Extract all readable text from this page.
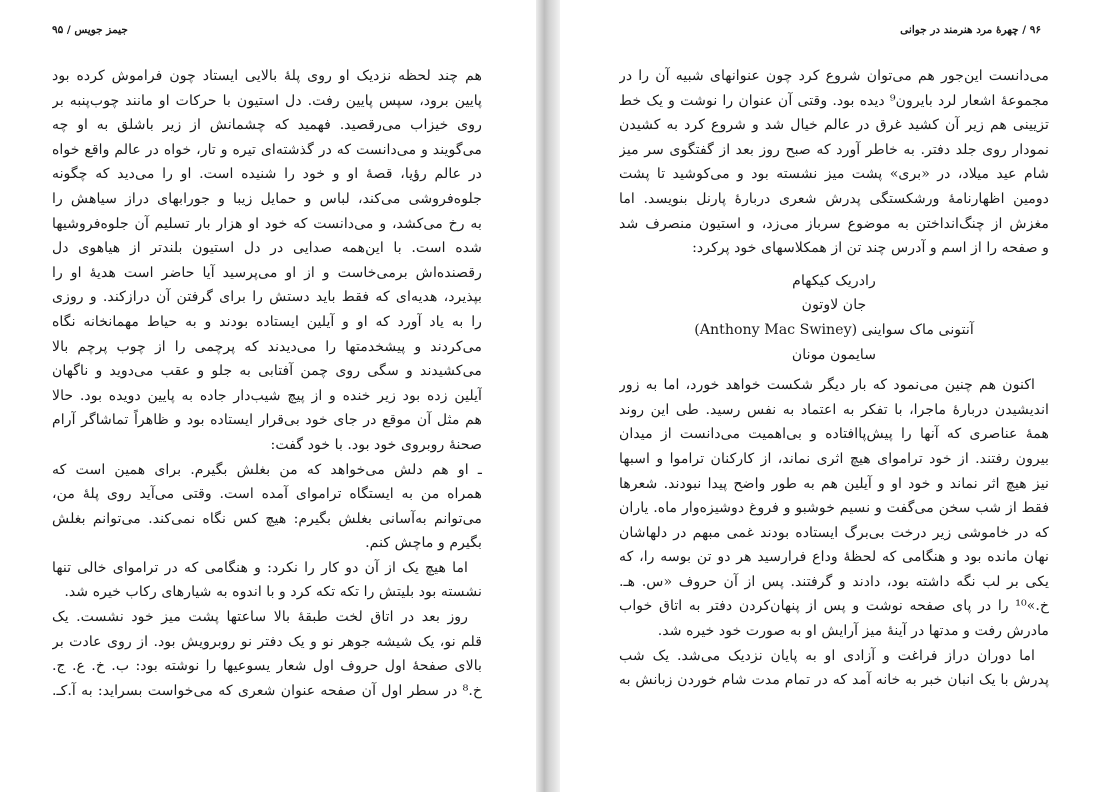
جیمز جویس / ۹۵
هم چند لحظه نزدیک او روی پلهٔ بالایی ایستاد چون فراموش کرده بود
پایین برود، سپس پایین رفت. دل استیون با حرکات او مانند چوب‌پنبه بر
روی خیزاب می‌رقصید. فهمید که چشمانش از زیر باشلق به او چه
می‌گویند و می‌دانست که در گذشته‌ای تیره و تار، خواه در عالم واقع خواه
در عالم رؤیا، قصهٔ او و خود را شنیده است. او را می‌دید که چگونه
جلوه‌فروشی می‌کند، لباس و حمایل زیبا و جورابهای دراز سیاهش را
به رخ می‌کشد، و می‌دانست که خود او هزار بار تسلیم آن جلوه‌فروشیها
شده است. با این‌همه صدایی در دل استیون بلندتر از هیاهوی دل
رقصنده‌اش برمی‌خاست و از او می‌پرسید آیا حاضر است هدیهٔ او را
بپذیرد، هدیه‌ای که فقط باید دستش را برای گرفتن آن درازکند. و روزی
را به یاد آورد که او و آیلین ایستاده بودند و به حیاط مهمانخانه نگاه
می‌کردند و پیشخدمتها را می‌دیدند که پرچمی را از چوب پرچم بالا
می‌کشیدند و سگی روی چمن آفتابی به جلو و عقب می‌دوید و ناگهان
آیلین زده بود زیر خنده و از پیچ شیب‌دار جاده به پایین دویده بود. حالا
هم مثل آن موقع در جای خود بی‌قرار ایستاده بود و ظاهراً تماشاگر آرام
صحنهٔ روبروی خود بود. با خود گفت:
ـ او هم دلش می‌خواهد که من بغلش بگیرم. برای همین است که
همراه من به ایستگاه تراموای آمده است. وقتی می‌آید روی پلهٔ من،
می‌توانم به‌آسانی بغلش بگیرم: هیچ کس نگاه نمی‌کند. می‌توانم بغلش
بگیرم و ماچش کنم.
اما هیچ یک از آن دو کار را نکرد: و هنگامی که در تراموای خالی تنها
نشسته بود بلیتش را تکه تکه کرد و با اندوه به شیارهای رکاب خیره شد.
روز بعد در اتاق لخت طبقهٔ بالا ساعتها پشت میز خود نشست. یک
قلم نو، یک شیشه جوهر نو و یک دفتر نو روبرویش بود. از روی عادت بر
بالای صفحهٔ اول حروف اول شعار یسوعیها را نوشته بود: ب. خ. ع. ج.
خ.⁸ در سطر اول آن صفحه عنوان شعری که می‌خواست بسراید: به آ.کـ.
۹۶ / چهرهٔ مرد هنرمند در جوانی
می‌دانست این‌جور هم می‌توان شروع کرد چون عنوانهای شبیه آن را در
مجموعهٔ اشعار لرد بایرون⁹ دیده بود. وقتی آن عنوان را نوشت و یک خط
تزیینی هم زیر آن کشید غرق در عالم خیال شد و شروع کرد به کشیدن
نمودار روی جلد دفتر. به خاطر آورد که صبح روز بعد از گفتگوی سر میز
شام عید میلاد، در «بری» پشت میز نشسته بود و می‌کوشید تا پشت
دومین اظهارنامهٔ ورشکستگی پدرش شعری دربارهٔ پارنل بنویسد. اما
مغزش از چنگ‌انداختن به موضوع سرباز می‌زد، و استیون منصرف شد
و صفحه را از اسم و آدرس چند تن از همکلاسهای خود پرکرد:
رادریک کیکهام
جان لاوتون
آنتونی ماک سواینی (Anthony Mac Swiney)
سایمون مونان
اکنون هم چنین می‌نمود که بار دیگر شکست خواهد خورد، اما به زور
اندیشیدن دربارهٔ ماجرا، با تفکر به اعتماد به نفس رسید. طی این روند
همهٔ عناصری که آنها را پیش‌پاافتاده و بی‌اهمیت می‌دانست از میدان
بیرون رفتند. از خود تراموای هیچ اثری نماند، از کارکنان تراموا و اسبها
نیز هیچ اثر نماند و خود او و آیلین هم به طور واضح پیدا نبودند. شعرها
فقط از شب سخن می‌گفت و نسیم خوشبو و فروغ دوشیزه‌وار ماه. یاران
که در خاموشی زیر درخت بی‌برگ ایستاده بودند غمی مبهم در دلهاشان
نهان مانده بود و هنگامی که لحظهٔ وداع فرارسید هر دو تن بوسه را، که
یکی بر لب نگه داشته بود، دادند و گرفتند. پس از آن حروف «س. هـ.
خ.»¹⁰ را در پای صفحه نوشت و پس از پنهان‌کردن دفتر به اتاق خواب
مادرش رفت و مدتها در آینهٔ میز آرایش او به صورت خود خیره شد.
اما دوران دراز فراغت و آزادی او به پایان نزدیک می‌شد. یک شب
پدرش با یک انبان خبر به خانه آمد که در تمام مدت شام خوردن زبانش به
